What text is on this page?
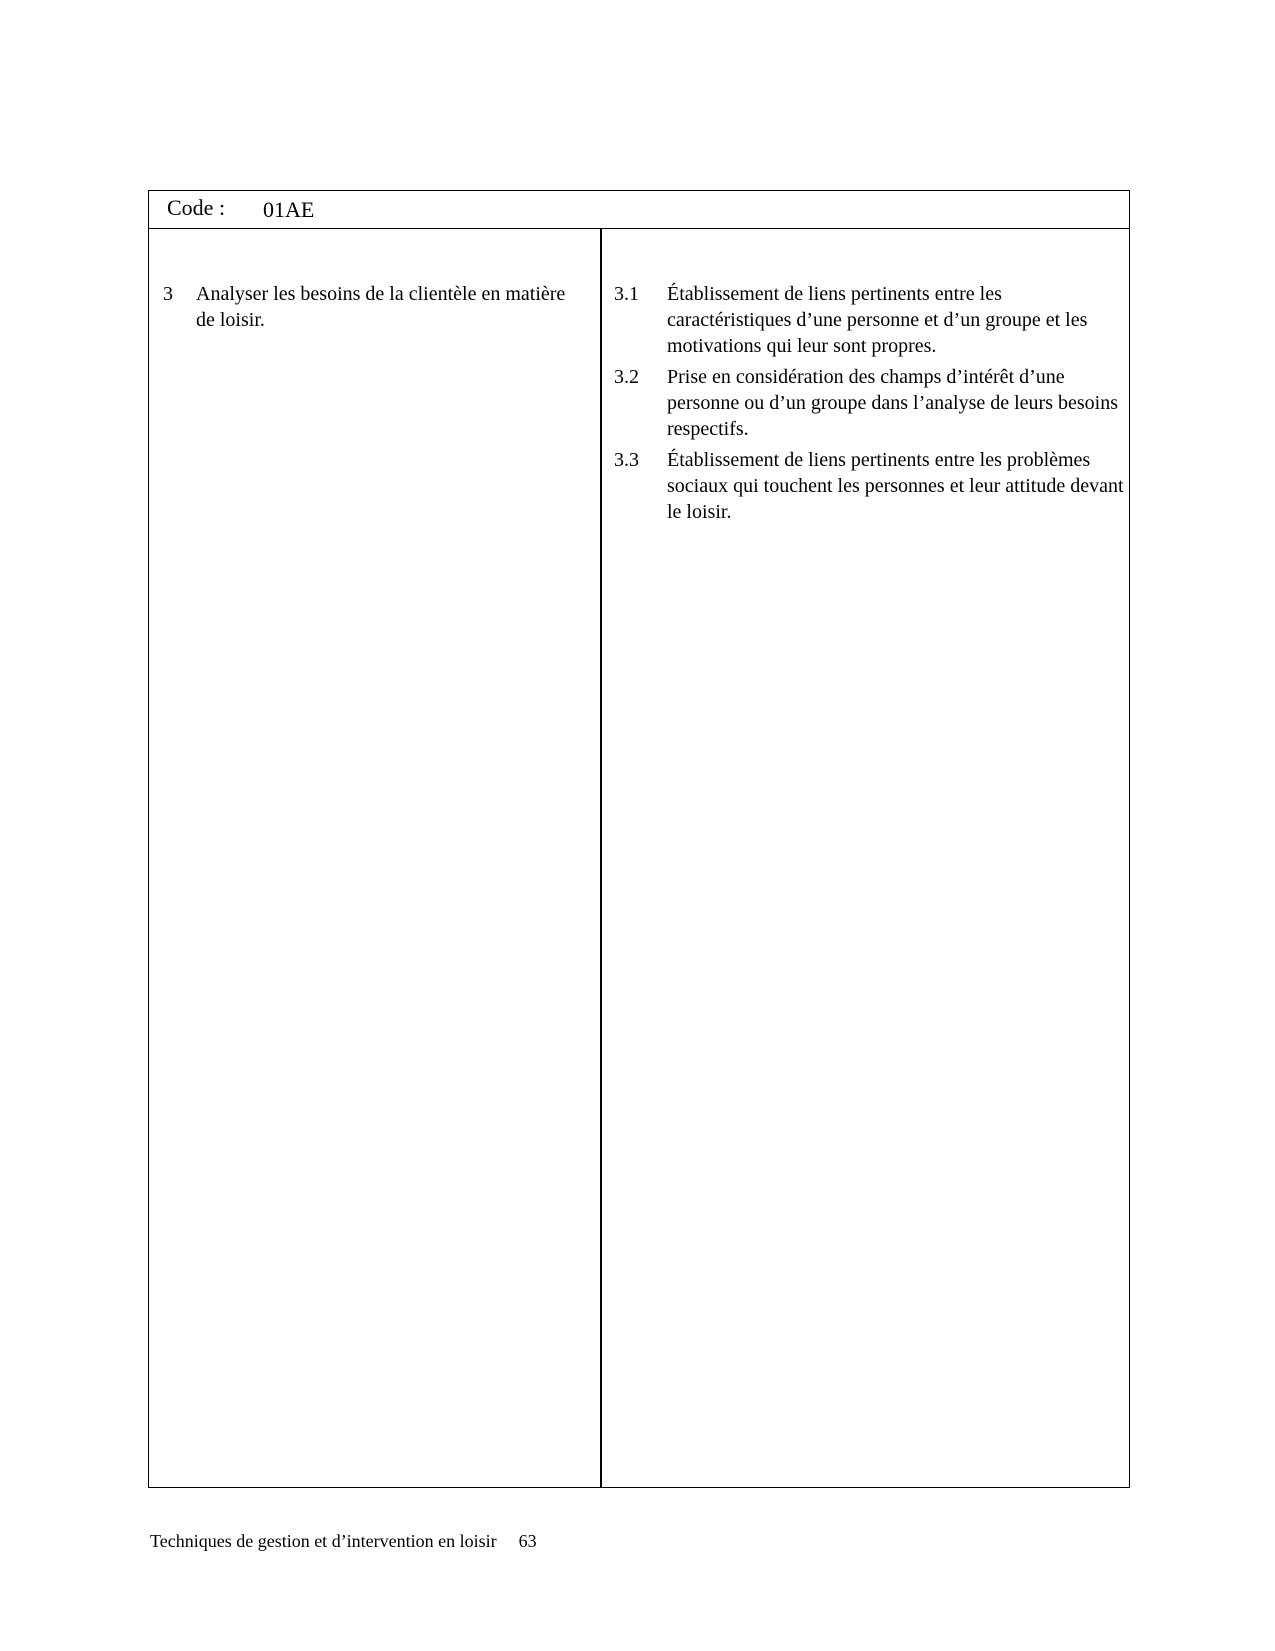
Code : 01AE
3 Analyser les besoins de la clientèle en matière de loisir.
3.1 Établissement de liens pertinents entre les caractéristiques d’une personne et d’un groupe et les motivations qui leur sont propres.
3.2 Prise en considération des champs d’intérêt d’une personne ou d’un groupe dans l’analyse de leurs besoins respectifs.
3.3 Établissement de liens pertinents entre les problèmes sociaux qui touchent les personnes et leur attitude devant le loisir.
Techniques de gestion et d’intervention en loisir 63
